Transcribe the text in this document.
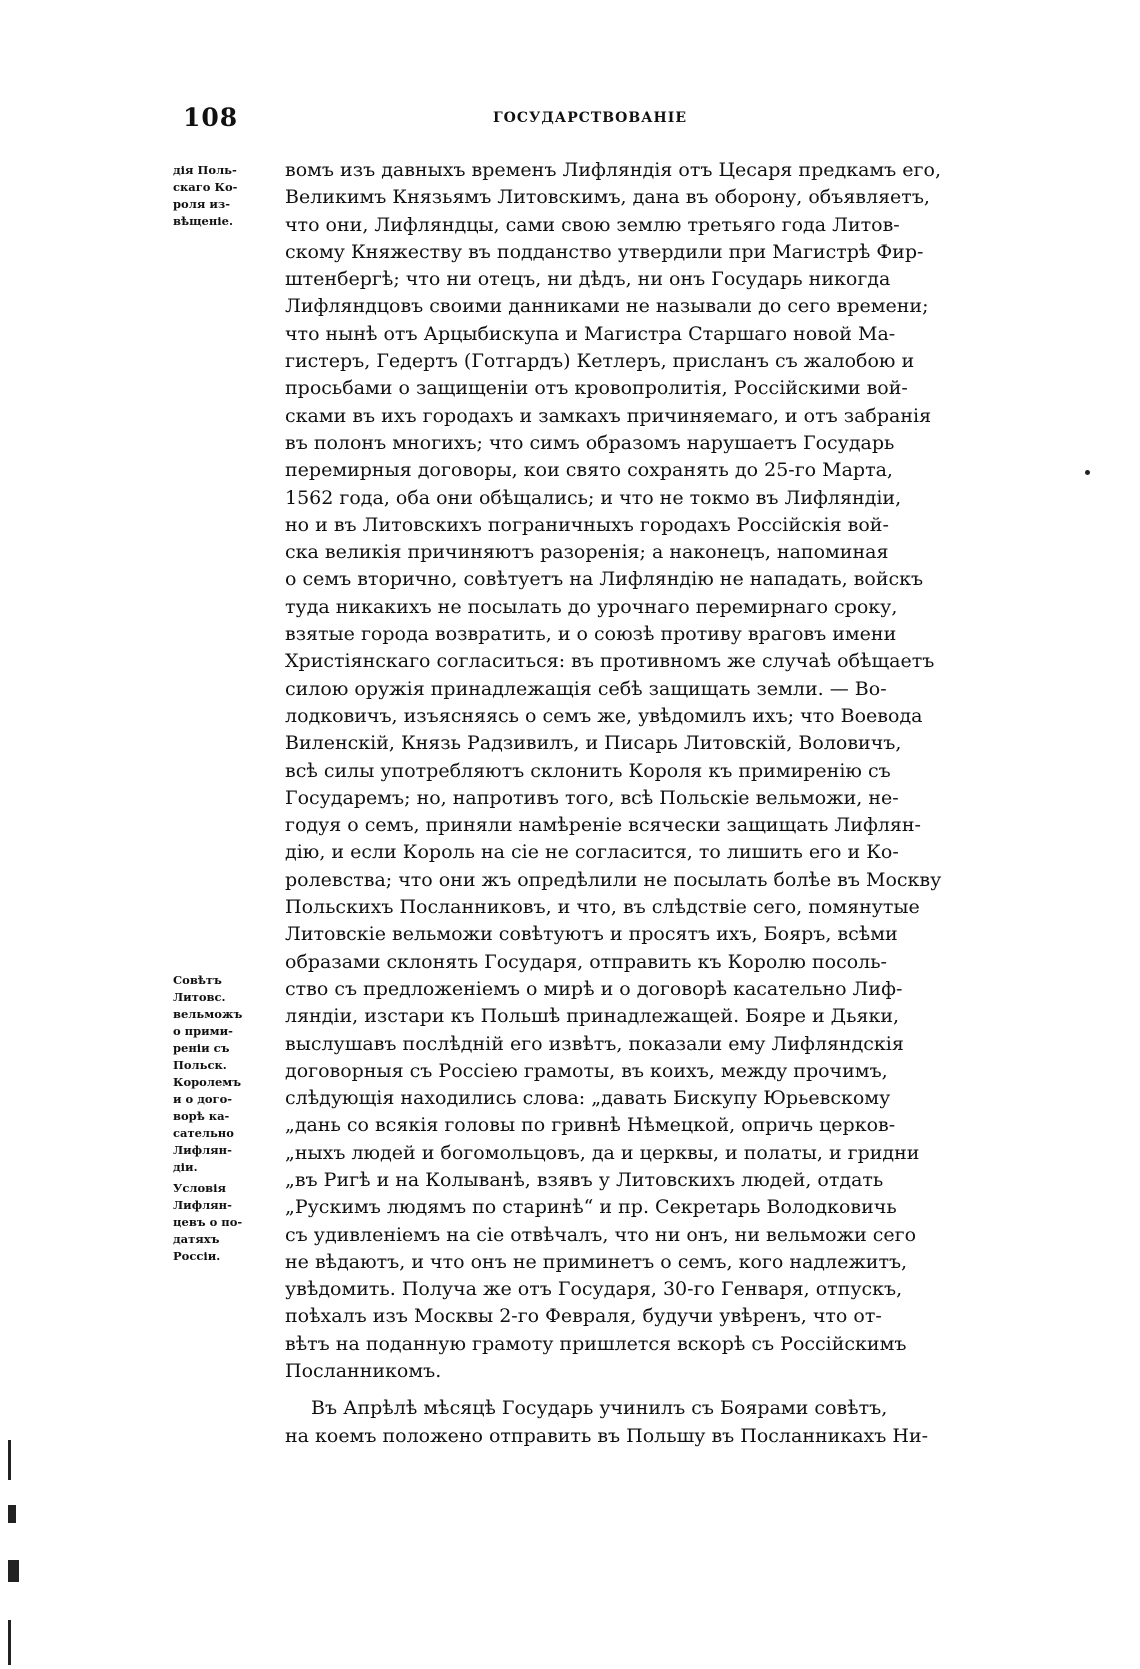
108	ГОСУДАРСТВОВАНІЕ
дія Поль-
скаго Ко-
роля из-
вѣщеніе.
Совѣтъ
Литовс.
вельможъ
о прими-
реніи съ
Польск.
Королемъ
и о дого-
ворѣ ка-
сательно
Лифлян-
діи.
Условія
Лифлян-
цевъ о по-
датяхъ
Россіи.
вомъ изъ давныхъ временъ Лифляндія отъ Цесаря предкамъ его,
Великимъ Князьямъ Литовскимъ, дана въ оборону, объявляетъ,
что они, Лифляндцы, сами свою землю третьяго года Литов-
скому Княжеству въ подданство утвердили при Магистрѣ Фир-
штенбергѣ; что ни отецъ, ни дѣдъ, ни онъ Государь никогда
Лифляндцовъ своими данниками не называли до сего времени;
что нынѣ отъ Арцыбискупа и Магистра Старшаго новой Ма-
гистеръ, Гедертъ (Готгардъ) Кетлеръ, присланъ съ жалобою и
просьбами о защищеніи отъ кровопролитія, Россійскими вой-
сками въ ихъ городахъ и замкахъ причиняемаго, и отъ забранія
въ полонъ многихъ; что симъ образомъ нарушаетъ Государь
перемирныя договоры, кои свято сохранять до 25-го Марта,
1562 года, оба они обѣщались; и что не токмо въ Лифляндіи,
но и въ Литовскихъ пограничныхъ городахъ Россійскія вой-
ска великія причиняютъ разоренія; а наконецъ, напоминая
о семъ вторично, совѣтуетъ на Лифляндію не нападать, войскъ
туда никакихъ не посылать до урочнаго перемирнаго сроку,
взятые города возвратить, и о союзѣ противу враговъ имени
Христіянскаго согласиться: въ противномъ же случаѣ обѣщаетъ
силою оружія принадлежащія себѣ защищать земли. — Во-
лодковичъ, изъясняясь о семъ же, увѣдомилъ ихъ; что Воевода
Виленскій, Князь Радзивилъ, и Писарь Литовскій, Воловичъ,
всѣ силы употребляютъ склонить Короля къ примиренію съ
Государемъ; но, напротивъ того, всѣ Польскіе вельможи, не-
годуя о семъ, приняли намѣреніе всячески защищать Лифлян-
дію, и если Король на сіе не согласится, то лишить его и Ко-
ролевства; что они жъ опредѣлили не посылать болѣе въ Москву
Польскихъ Посланниковъ, и что, въ слѣдствіе сего, помянутые
Литовскіе вельможи совѣтуютъ и просятъ ихъ, Бояръ, всѣми
образами склонять Государя, отправить къ Королю посоль-
ство съ предложеніемъ о мирѣ и о договорѣ касательно Лиф-
ляндіи, изстари къ Польшѣ принадлежащей. Бояре и Дьяки,
выслушавъ послѣдній его извѣтъ, показали ему Лифляндскія
договорныя съ Россіею грамоты, въ коихъ, между прочимъ,
слѣдующія находились слова: „давать Бискупу Юрьевскому
„дань со всякія головы по гривнѣ Нѣмецкой, опричь церков-
„ныхъ людей и богомольцовъ, да и церквы, и полаты, и гридни
„въ Ригѣ и на Колыванѣ, взявъ у Литовскихъ людей, отдать
„Рускимъ людямъ по старинѣ“ и пр. Секретарь Володковичь
съ удивленіемъ на сіе отвѣчалъ, что ни онъ, ни вельможи сего
не вѣдаютъ, и что онъ не приминетъ о семъ, кого надлежитъ,
увѣдомить. Получа же отъ Государя, 30-го Генваря, отпускъ,
поѣхалъ изъ Москвы 2-го Февраля, будучи увѣренъ, что от-
вѣтъ на поданную грамоту пришлется вскорѣ съ Россійскимъ
Посланникомъ.
Въ Апрѣлѣ мѣсяцѣ Государь учинилъ съ Боярами совѣтъ,
на коемъ положено отправить въ Польшу въ Посланникахъ Ни-
